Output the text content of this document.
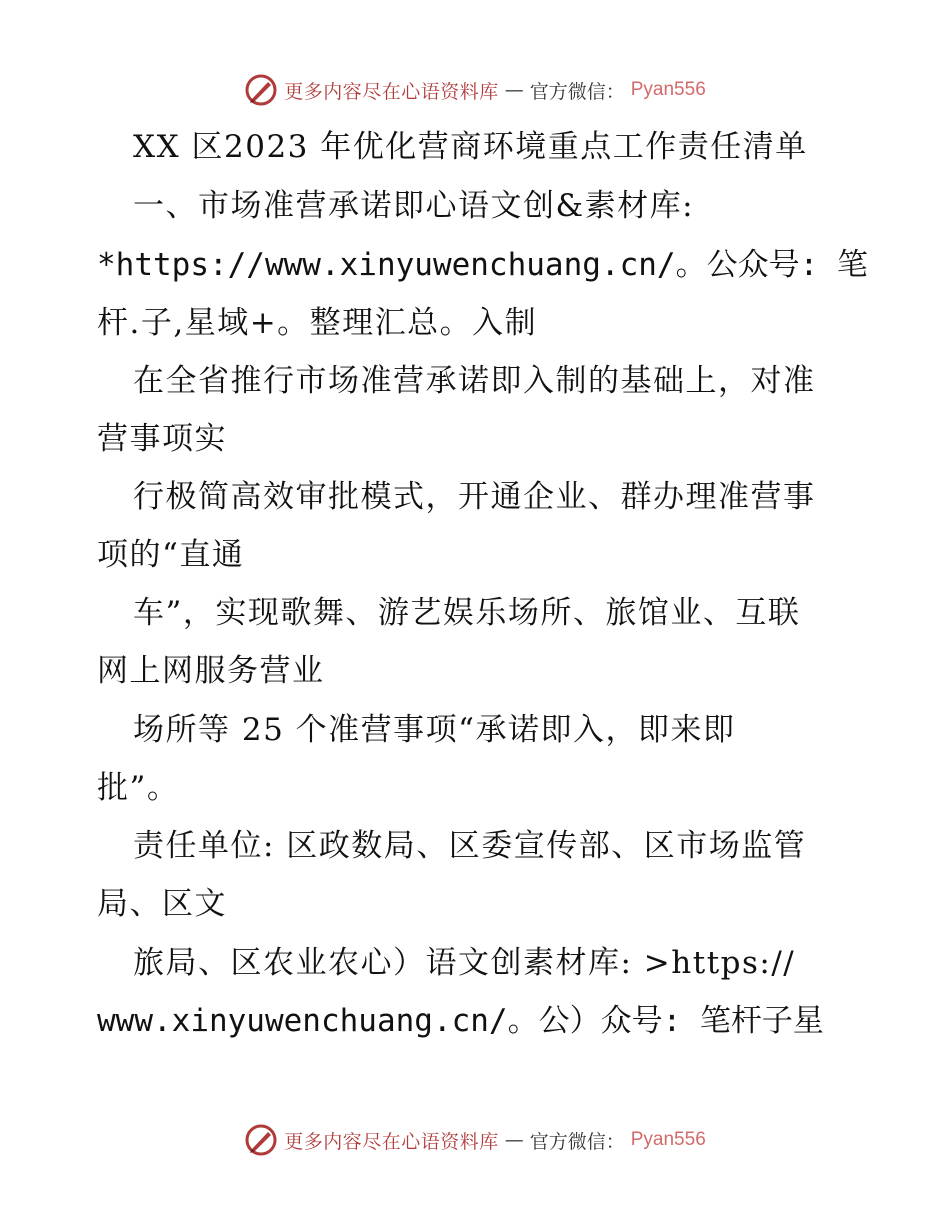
更多内容尽在心语资料库 — 官方微信： Pyan556
XX 区2023 年优化营商环境重点工作责任清单
一、市场准营承诺即心语文创&素材库:
*https://www.xinyuwenchuang.cn/。公众号: 笔
杆.子,星域+。整理汇总。入制
在全省推行市场准营承诺即入制的基础上，对准
营事项实
行极简高效审批模式，开通企业、群办理准营事
项的“直通
车”，实现歌舞、游艺娱乐场所、旅馆业、互联
网上网服务营业
场所等 25 个准营事项“承诺即入，即来即
批”。
责任单位: 区政数局、区委宣传部、区市场监管
局、区文
旅局、区农业农心）语文创素材库: >https://
www.xinyuwenchuang.cn/。公）众号: 笔杆子星
更多内容尽在心语资料库 — 官方微信： Pyan556
